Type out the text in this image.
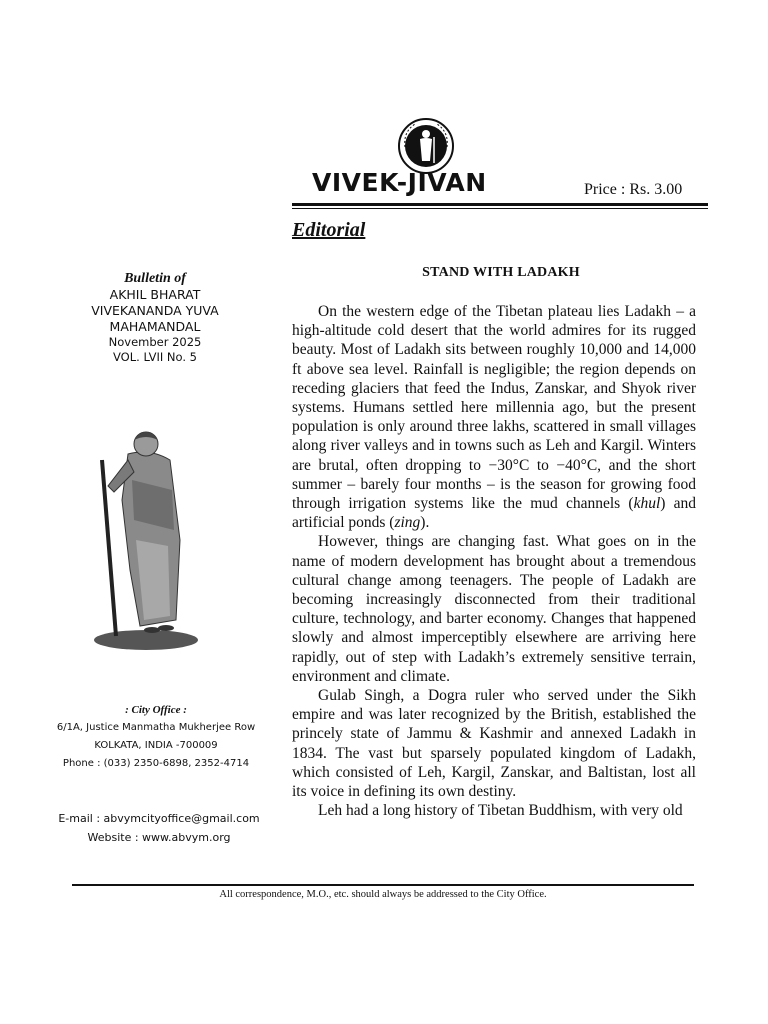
VIVEK-JIVAN	Price : Rs. 3.00
Editorial
Bulletin of
AKHIL BHARAT
VIVEKANANDA YUVA
MAHAMANDAL
November 2025
VOL. LVII No. 5
: City Office :
6/1A, Justice Manmatha Mukherjee Row
KOLKATA, INDIA -700009
Phone : (033) 2350-6898, 2352-4714
E-mail : abvymcityoffice@gmail.com
Website : www.abvym.org
STAND WITH LADAKH

On the western edge of the Tibetan plateau lies Ladakh – a high-altitude cold desert that the world admires for its rugged beauty. Most of Ladakh sits between roughly 10,000 and 14,000 ft above sea level. Rainfall is negligible; the region depends on receding glaciers that feed the Indus, Zanskar, and Shyok river systems. Humans settled here millennia ago, but the present population is only around three lakhs, scattered in small villages along river valleys and in towns such as Leh and Kargil. Winters are brutal, often dropping to −30°C to −40°C, and the short summer – barely four months – is the season for growing food through irrigation systems like the mud channels (khul) and artificial ponds (zing).

However, things are changing fast. What goes on in the name of modern development has brought about a tremendous cultural change among teenagers. The people of Ladakh are becoming increasingly disconnected from their traditional culture, technology, and barter economy. Changes that happened slowly and almost imperceptibly elsewhere are arriving here rapidly, out of step with Ladakh’s extremely sensitive terrain, environment and climate.

Gulab Singh, a Dogra ruler who served under the Sikh empire and was later recognized by the British, established the princely state of Jammu & Kashmir and annexed Ladakh in 1834. The vast but sparsely populated kingdom of Ladakh, which consisted of Leh, Kargil, Zanskar, and Baltistan, lost all its voice in defining its own destiny.

Leh had a long history of Tibetan Buddhism, with very old

All correspondence, M.O., etc. should always be addressed to the City Office.
